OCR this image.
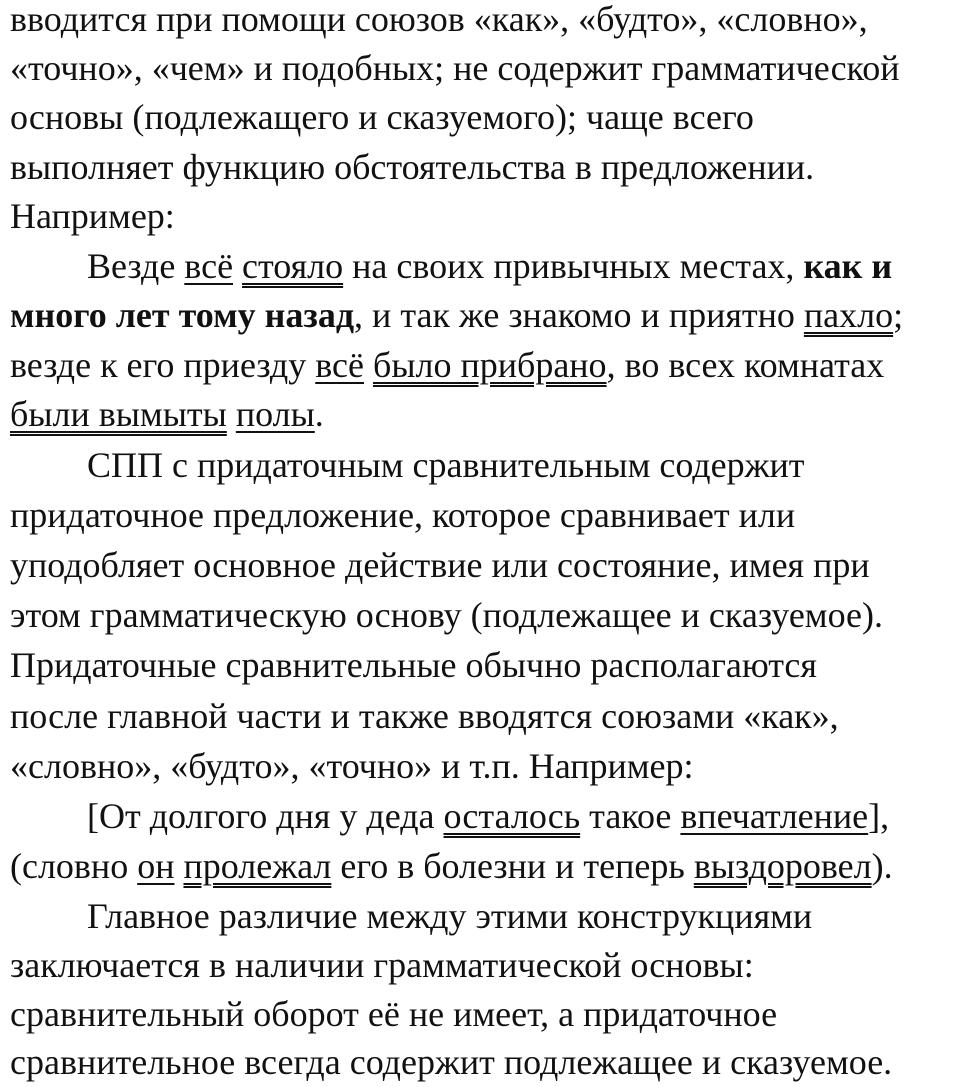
вводится при помощи союзов «как», «будто», «словно»,
«точно», «чем» и подобных; не содержит грамматической
основы (подлежащего и сказуемого); чаще всего
выполняет функцию обстоятельства в предложении.
Например:
Везде всё стояло на своих привычных местах, как и
много лет тому назад, и так же знакомо и приятно пахло;
везде к его приезду всё было прибрано, во всех комнатах
были вымыты полы.
СПП с придаточным сравнительным содержит
придаточное предложение, которое сравнивает или
уподобляет основное действие или состояние, имея при
этом грамматическую основу (подлежащее и сказуемое).
Придаточные сравнительные обычно располагаются
после главной части и также вводятся союзами «как»,
«словно», «будто», «точно» и т.п. Например:
[От долгого дня у деда осталось такое впечатление],
(словно он пролежал его в болезни и теперь выздоровел).
Главное различие между этими конструкциями
заключается в наличии грамматической основы:
сравнительный оборот её не имеет, а придаточное
сравнительное всегда содержит подлежащее и сказуемое.
